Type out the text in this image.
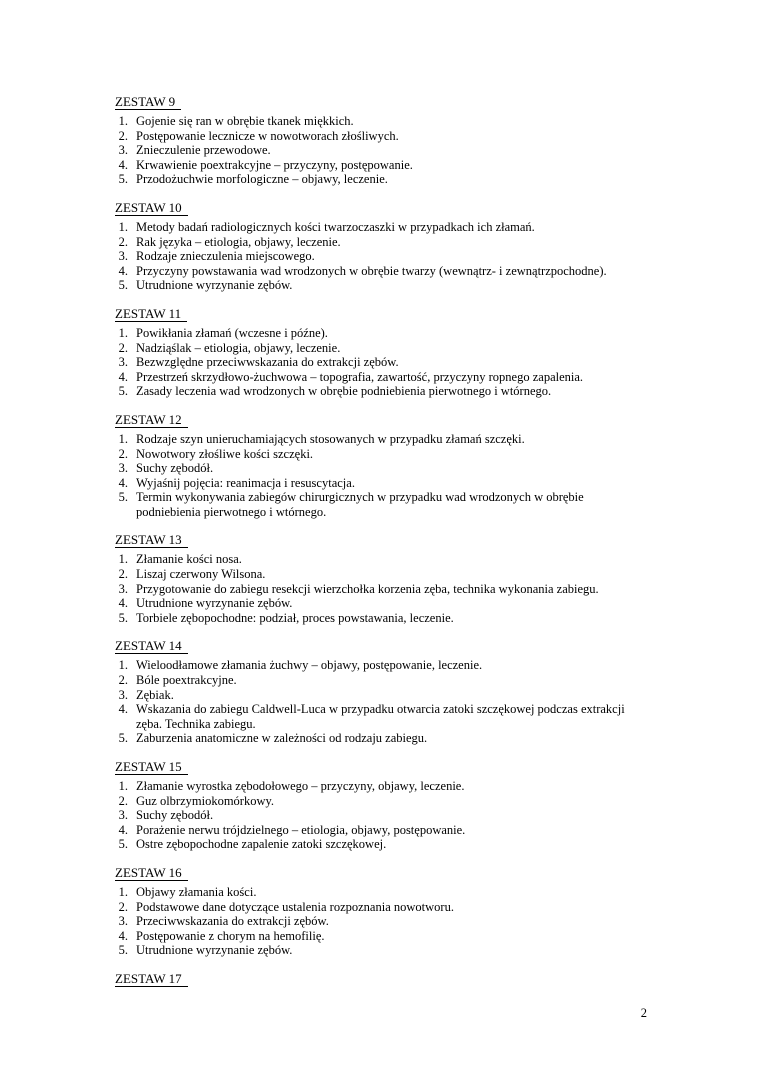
ZESTAW 9
1. Gojenie się ran w obrębie tkanek miękkich.
2. Postępowanie lecznicze w nowotworach złośliwych.
3. Znieczulenie przewodowe.
4. Krwawienie poextrakcyjne – przyczyny, postępowanie.
5. Przodożuchwie morfologiczne – objawy, leczenie.
ZESTAW 10
1. Metody badań radiologicznych kości twarzoczaszki w przypadkach ich złamań.
2. Rak języka – etiologia, objawy, leczenie.
3. Rodzaje znieczulenia miejscowego.
4. Przyczyny powstawania wad wrodzonych w obrębie twarzy (wewnątrz- i zewnątrzpochodne).
5. Utrudnione wyrzynanie zębów.
ZESTAW 11
1. Powikłania złamań (wczesne i późne).
2. Nadziąślak – etiologia, objawy, leczenie.
3. Bezwzględne przeciwwskazania do extrakcji zębów.
4. Przestrzeń skrzydłowo-żuchwowa – topografia, zawartość, przyczyny ropnego zapalenia.
5. Zasady leczenia wad wrodzonych w obrębie podniebienia pierwotnego i wtórnego.
ZESTAW 12
1. Rodzaje szyn unieruchamiających stosowanych w przypadku złamań szczęki.
2. Nowotwory złośliwe kości szczęki.
3. Suchy zębodół.
4. Wyjaśnij pojęcia: reanimacja i resuscytacja.
5. Termin wykonywania zabiegów chirurgicznych w przypadku wad wrodzonych w obrębie podniebienia pierwotnego i wtórnego.
ZESTAW 13
1. Złamanie kości nosa.
2. Liszaj czerwony Wilsona.
3. Przygotowanie do zabiegu resekcji wierzchołka korzenia zęba, technika wykonania zabiegu.
4. Utrudnione wyrzynanie zębów.
5. Torbiele zębopochodne: podział, proces powstawania, leczenie.
ZESTAW 14
1. Wieloodłamowe złamania żuchwy – objawy, postępowanie, leczenie.
2. Bóle poextrakcyjne.
3. Zębiak.
4. Wskazania do zabiegu Caldwell-Luca w przypadku otwarcia zatoki szczękowej podczas extrakcji zęba. Technika zabiegu.
5. Zaburzenia anatomiczne w zależności od rodzaju zabiegu.
ZESTAW 15
1. Złamanie wyrostka zębodołowego – przyczyny, objawy, leczenie.
2. Guz olbrzymiokomórkowy.
3. Suchy zębodół.
4. Porażenie nerwu trójdzielnego – etiologia, objawy, postępowanie.
5. Ostre zębopochodne zapalenie zatoki szczękowej.
ZESTAW 16
1. Objawy złamania kości.
2. Podstawowe dane dotyczące ustalenia rozpoznania nowotworu.
3. Przeciwwskazania do extrakcji zębów.
4. Postępowanie z chorym na hemofilię.
5. Utrudnione wyrzynanie zębów.
ZESTAW 17
2
